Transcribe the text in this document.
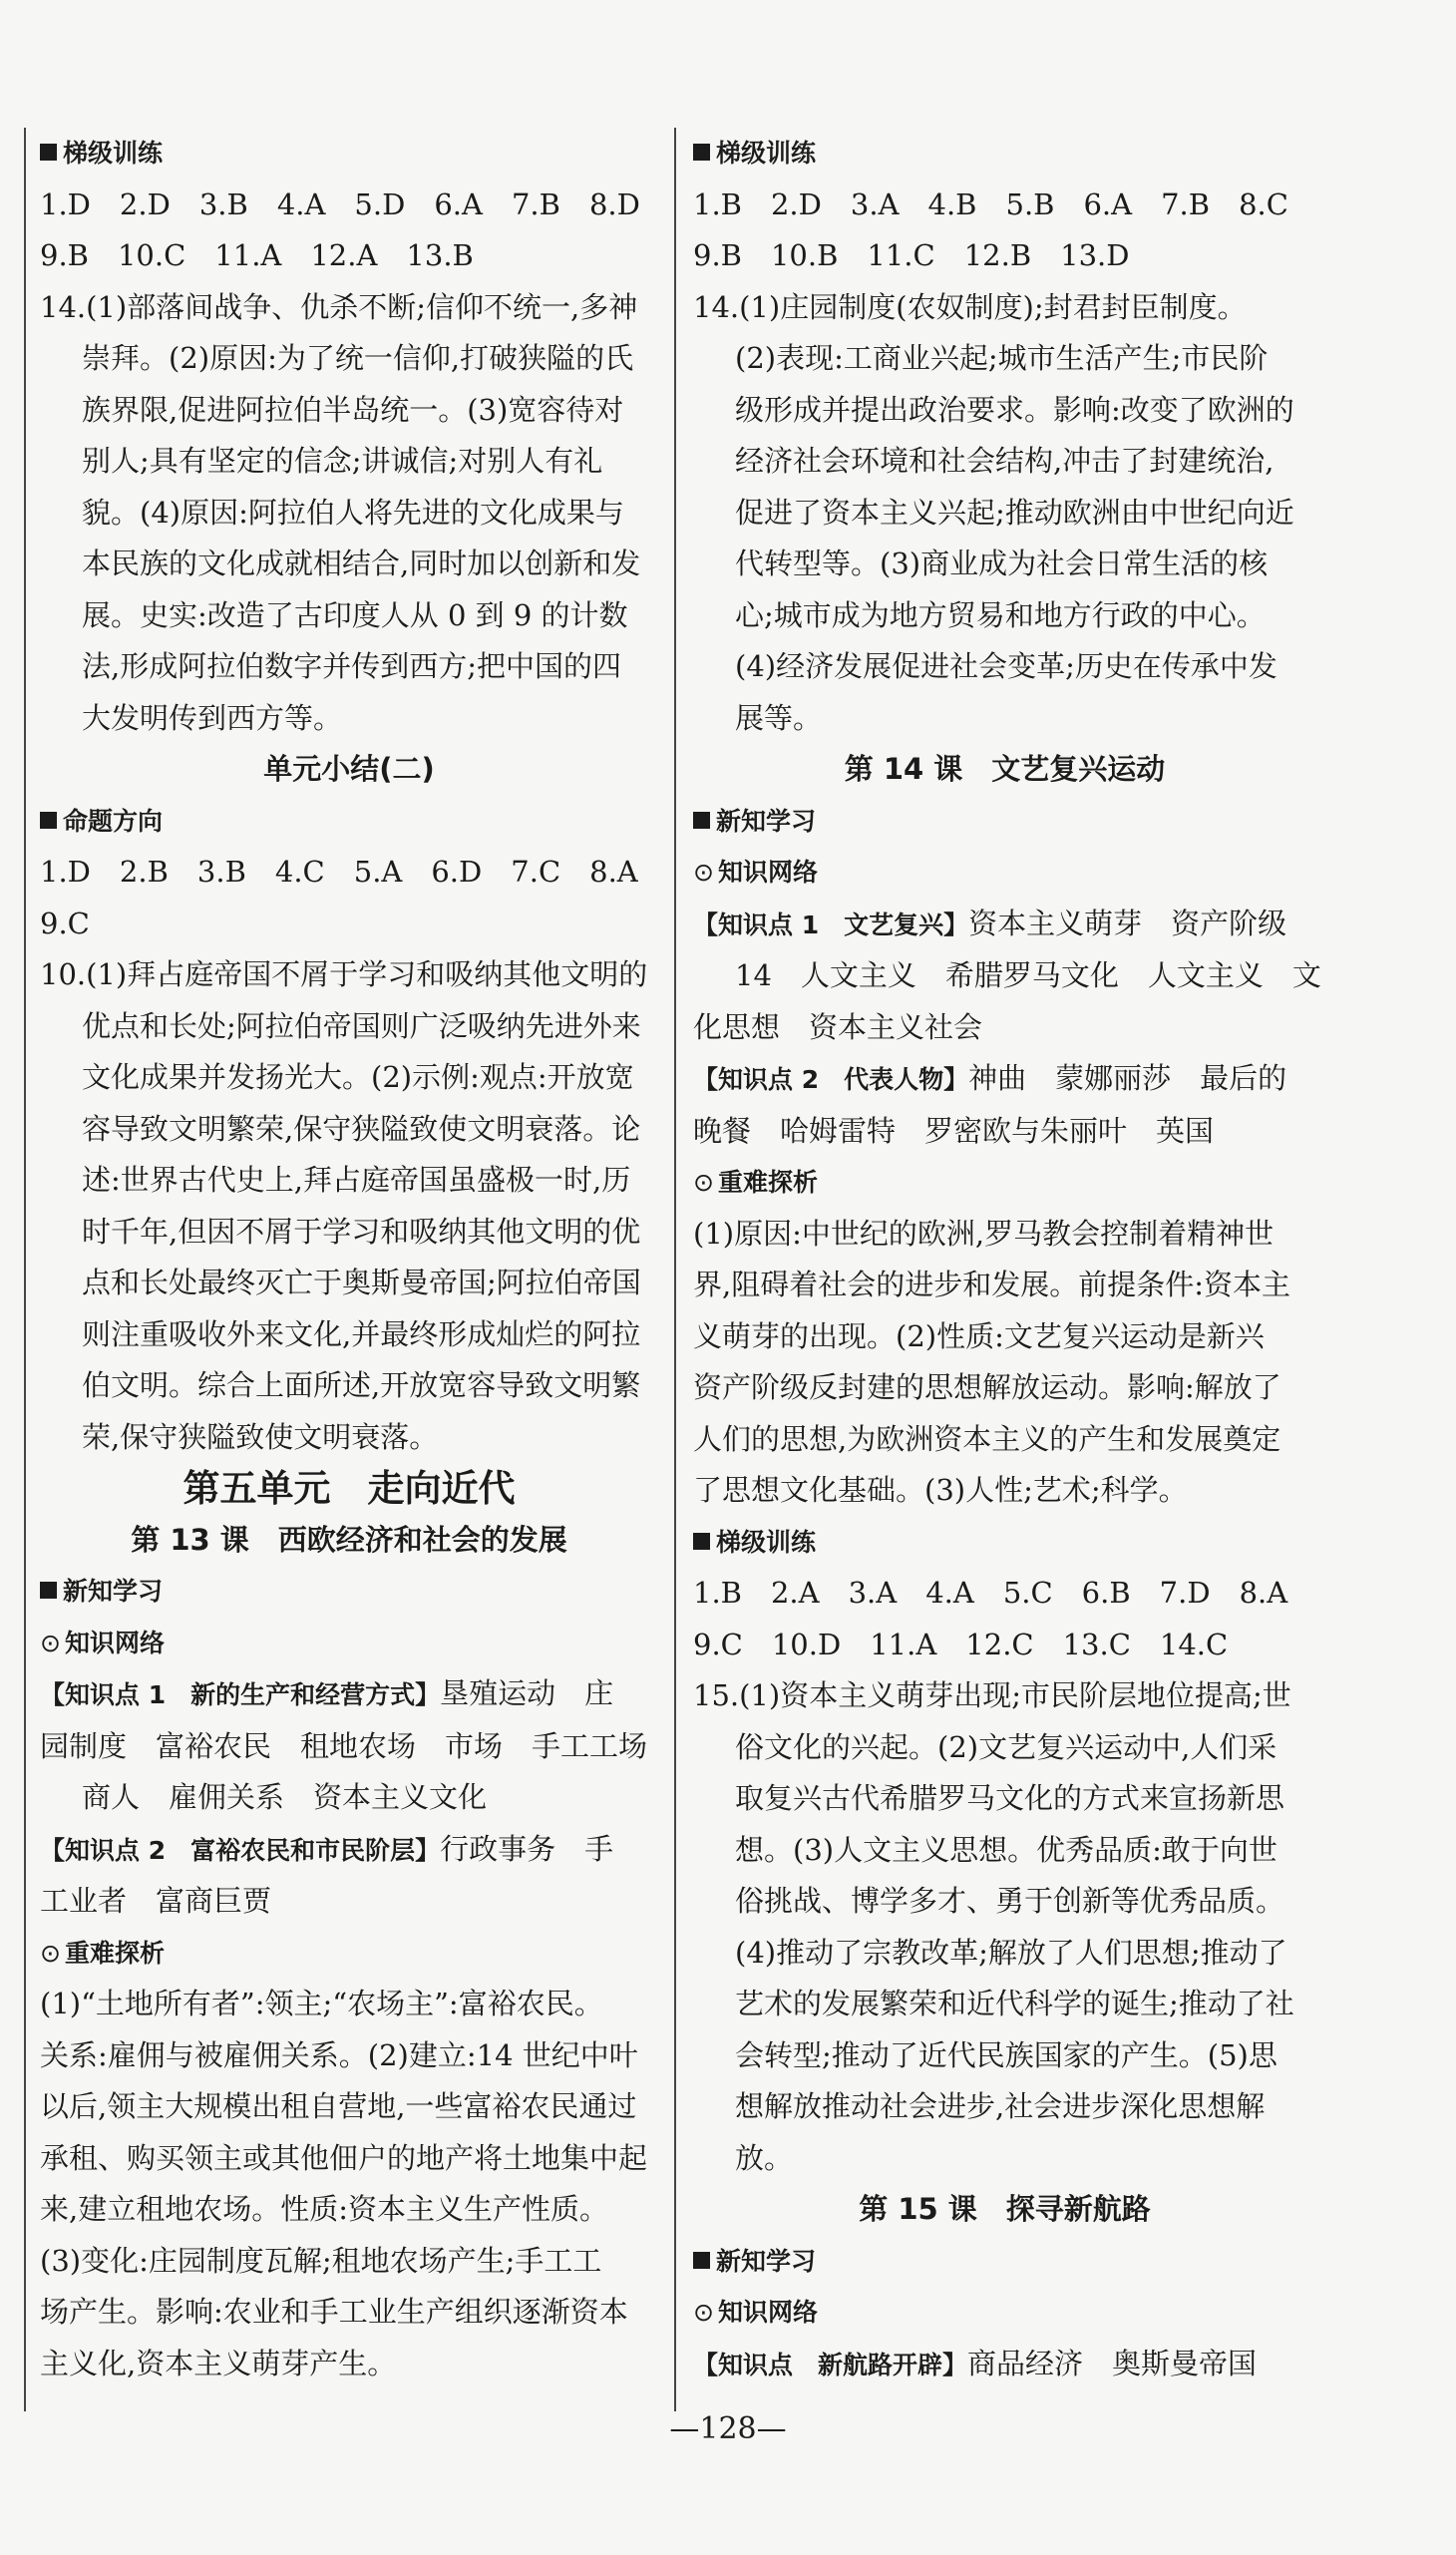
梯级训练
1.D　2.D　3.B　4.A　5.D　6.A　7.B　8.D
9.B　10.C　11.A　12.A　13.B
14.(1)部落间战争、仇杀不断;信仰不统一,多神
崇拜。(2)原因:为了统一信仰,打破狭隘的氏
族界限,促进阿拉伯半岛统一。(3)宽容待对
别人;具有坚定的信念;讲诚信;对别人有礼
貌。(4)原因:阿拉伯人将先进的文化成果与
本民族的文化成就相结合,同时加以创新和发
展。史实:改造了古印度人从 0 到 9 的计数
法,形成阿拉伯数字并传到西方;把中国的四
大发明传到西方等。
单元小结(二)
命题方向
1.D　2.B　3.B　4.C　5.A　6.D　7.C　8.A
9.C
10.(1)拜占庭帝国不屑于学习和吸纳其他文明的
优点和长处;阿拉伯帝国则广泛吸纳先进外来
文化成果并发扬光大。(2)示例:观点:开放宽
容导致文明繁荣,保守狭隘致使文明衰落。论
述:世界古代史上,拜占庭帝国虽盛极一时,历
时千年,但因不屑于学习和吸纳其他文明的优
点和长处最终灭亡于奥斯曼帝国;阿拉伯帝国
则注重吸收外来文化,并最终形成灿烂的阿拉
伯文明。综合上面所述,开放宽容导致文明繁
荣,保守狭隘致使文明衰落。
第五单元　走向近代
第 13 课　西欧经济和社会的发展
新知学习
⊙ 知识网络
【知识点 1　新的生产和经营方式】垦殖运动　庄
园制度　富裕农民　租地农场　市场　手工工场
商人　雇佣关系　资本主义文化
【知识点 2　富裕农民和市民阶层】行政事务　手
工业者　富商巨贾
⊙ 重难探析
(1)“土地所有者”:领主;“农场主”:富裕农民。
关系:雇佣与被雇佣关系。(2)建立:14 世纪中叶
以后,领主大规模出租自营地,一些富裕农民通过
承租、购买领主或其他佃户的地产将土地集中起
来,建立租地农场。性质:资本主义生产性质。
(3)变化:庄园制度瓦解;租地农场产生;手工工
场产生。影响:农业和手工业生产组织逐渐资本
主义化,资本主义萌芽产生。
梯级训练
1.B　2.D　3.A　4.B　5.B　6.A　7.B　8.C
9.B　10.B　11.C　12.B　13.D
14.(1)庄园制度(农奴制度);封君封臣制度。
(2)表现:工商业兴起;城市生活产生;市民阶
级形成并提出政治要求。影响:改变了欧洲的
经济社会环境和社会结构,冲击了封建统治,
促进了资本主义兴起;推动欧洲由中世纪向近
代转型等。(3)商业成为社会日常生活的核
心;城市成为地方贸易和地方行政的中心。
(4)经济发展促进社会变革;历史在传承中发
展等。
第 14 课　文艺复兴运动
新知学习
⊙ 知识网络
【知识点 1　文艺复兴】资本主义萌芽　资产阶级
14　人文主义　希腊罗马文化　人文主义　文
化思想　资本主义社会
【知识点 2　代表人物】神曲　蒙娜丽莎　最后的
晚餐　哈姆雷特　罗密欧与朱丽叶　英国
⊙ 重难探析
(1)原因:中世纪的欧洲,罗马教会控制着精神世
界,阻碍着社会的进步和发展。前提条件:资本主
义萌芽的出现。(2)性质:文艺复兴运动是新兴
资产阶级反封建的思想解放运动。影响:解放了
人们的思想,为欧洲资本主义的产生和发展奠定
了思想文化基础。(3)人性;艺术;科学。
梯级训练
1.B　2.A　3.A　4.A　5.C　6.B　7.D　8.A
9.C　10.D　11.A　12.C　13.C　14.C
15.(1)资本主义萌芽出现;市民阶层地位提高;世
俗文化的兴起。(2)文艺复兴运动中,人们采
取复兴古代希腊罗马文化的方式来宣扬新思
想。(3)人文主义思想。优秀品质:敢于向世
俗挑战、博学多才、勇于创新等优秀品质。
(4)推动了宗教改革;解放了人们思想;推动了
艺术的发展繁荣和近代科学的诞生;推动了社
会转型;推动了近代民族国家的产生。(5)思
想解放推动社会进步,社会进步深化思想解
放。
第 15 课　探寻新航路
新知学习
⊙ 知识网络
【知识点　新航路开辟】商品经济　奥斯曼帝国
—128—
